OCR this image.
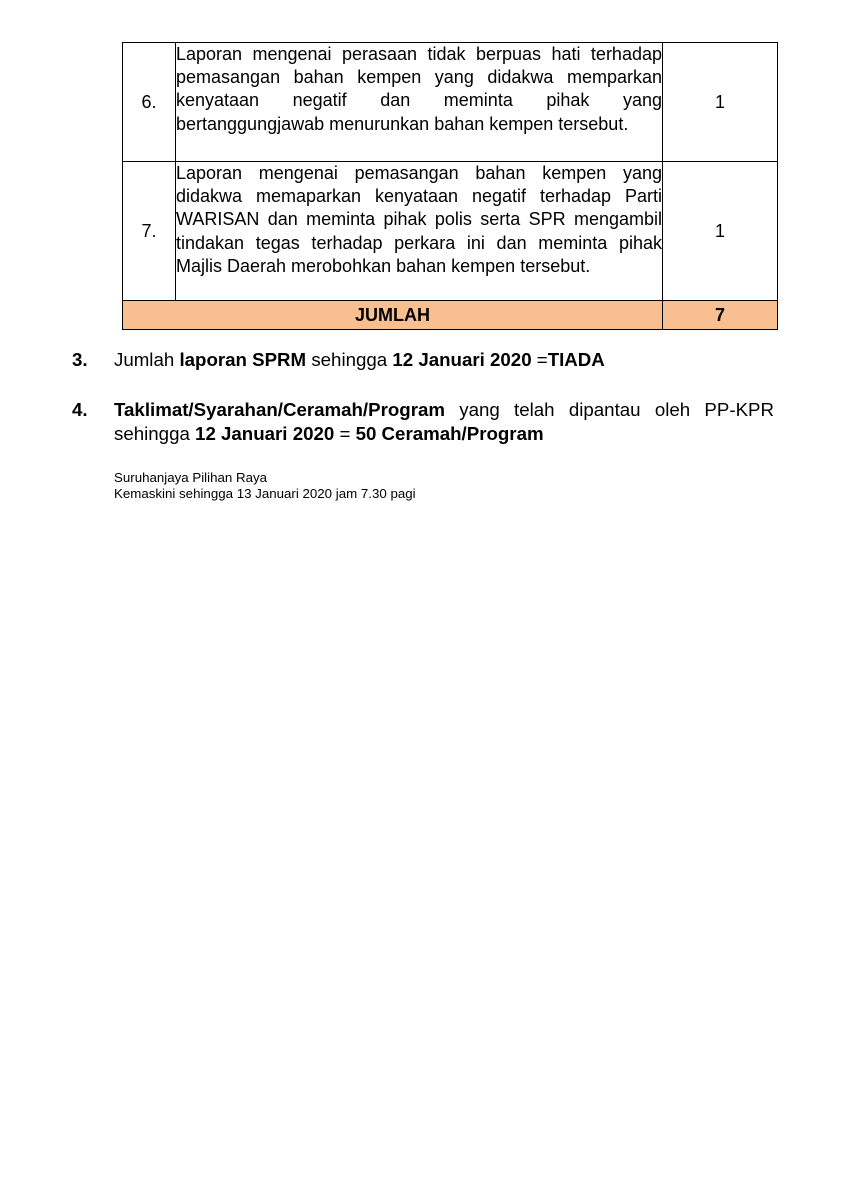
6.	Laporan mengenai perasaan tidak berpuas hati terhadap pemasangan bahan kempen yang didakwa memparkan kenyataan negatif dan meminta pihak yang bertanggungjawab menurunkan bahan kempen tersebut.	1
7.	Laporan mengenai pemasangan bahan kempen yang didakwa memaparkan kenyataan negatif terhadap Parti WARISAN dan meminta pihak polis serta SPR mengambil tindakan tegas terhadap perkara ini dan meminta pihak Majlis Daerah merobohkan bahan kempen tersebut.	1
JUMLAH		7
3. Jumlah laporan SPRM sehingga 12 Januari 2020 =TIADA
4. Taklimat/Syarahan/Ceramah/Program yang telah dipantau oleh PP-KPR sehingga 12 Januari 2020 = 50 Ceramah/Program
Suruhanjaya Pilihan Raya
Kemaskini sehingga 13 Januari 2020 jam 7.30 pagi
